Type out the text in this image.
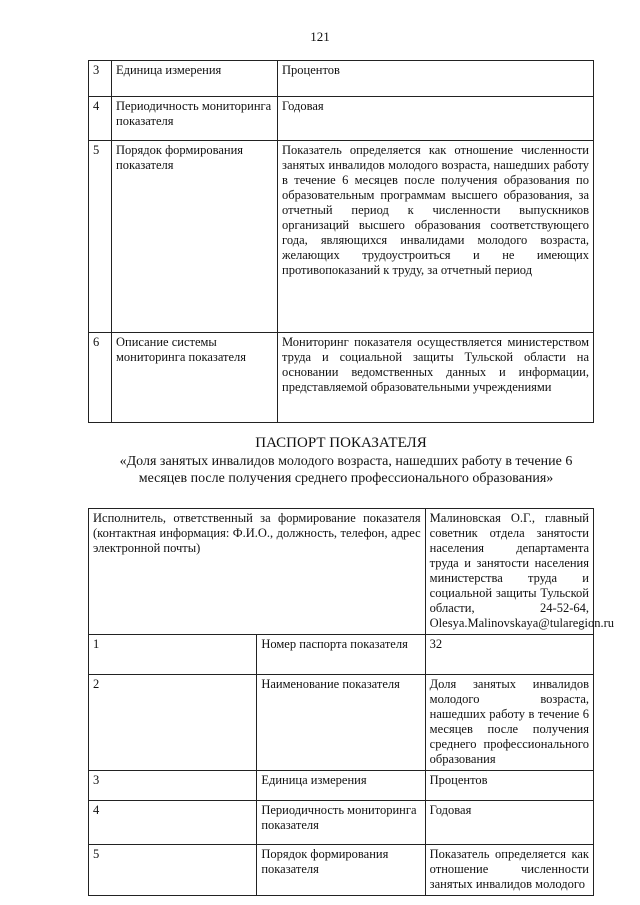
121
3	Единица измерения	Процентов
4	Периодичность мониторинга показателя	Годовая
5	Порядок формирования показателя	Показатель определяется как отношение численности занятых инвалидов молодого возраста, нашедших работу в течение 6 месяцев после получения образования по образовательным программам высшего образования, за отчетный период к численности выпускников организаций высшего образования соответствующего года, являющихся инвалидами молодого возраста, желающих трудоустроиться и не имеющих противопоказаний к труду, за отчетный период
6	Описание системы мониторинга показателя	Мониторинг показателя осуществляется министерством труда и социальной защиты Тульской области на основании ведомственных данных и информации, представляемой образовательными учреждениями
ПАСПОРТ ПОКАЗАТЕЛЯ
«Доля занятых инвалидов молодого возраста, нашедших работу в течение 6 месяцев после получения среднего профессионального образования»
Исполнитель, ответственный за формирование показателя (контактная информация: Ф.И.О., должность, телефон, адрес электронной почты)		Малиновская О.Г., главный советник отдела занятости населения департамента труда и занятости населения министерства труда и социальной защиты Тульской области, 24-52-64, Olesya.Malinovskaya@tularegion.ru
1	Номер паспорта показателя	32
2	Наименование показателя	Доля занятых инвалидов молодого возраста, нашедших работу в течение 6 месяцев после получения среднего профессионального образования
3	Единица измерения	Процентов
4	Периодичность мониторинга показателя	Годовая
5	Порядок формирования показателя	Показатель определяется как отношение численности занятых инвалидов молодого
